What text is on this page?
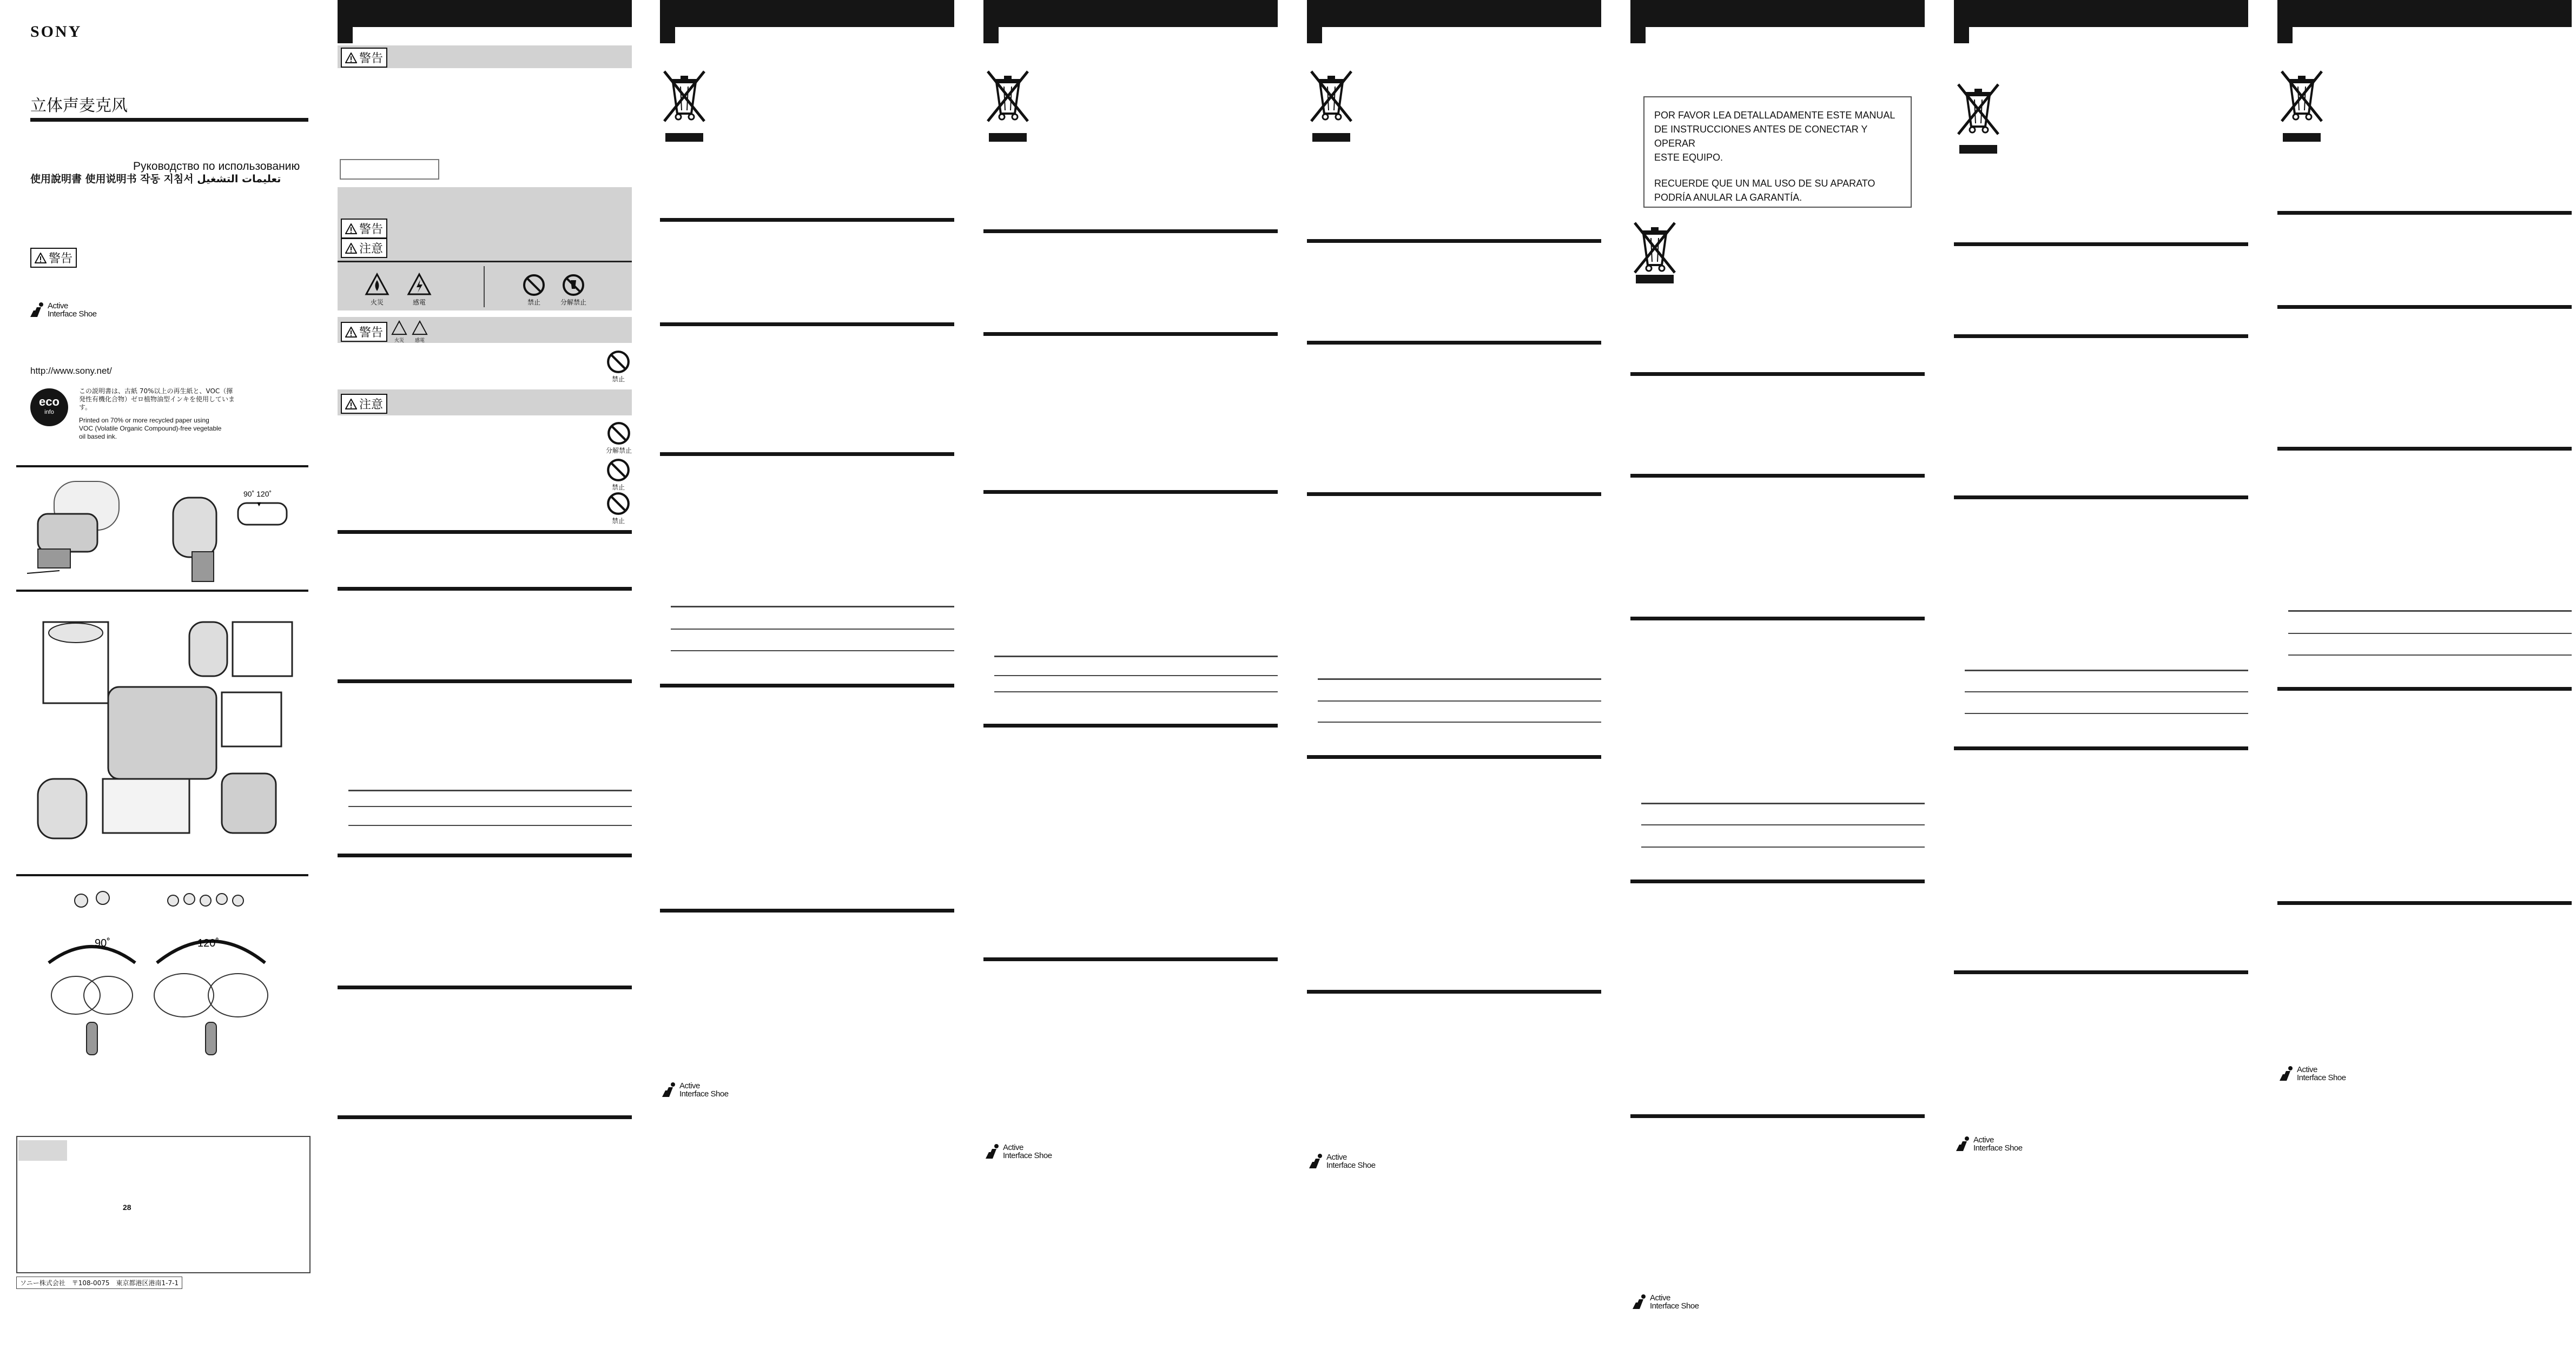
SONY
立体声麦克风
Руководство по использованию
使用說明書 使用说明书 작동 지침서 تعليمات التشغيل
警告
Active
Interface Shoe
http://www.sony.net/
eco
info
この説明書は、古紙 70%以上の再生紙と、VOC（揮発性有機化合物）ゼロ植物油型インキを使用しています。
Printed on 70% or more recycled paper using VOC (Volatile Organic Compound)-free vegetable oil based ink.
90˚ 120˚
▼
90˚	120˚
28
ソニー株式会社　〒108-0075　東京都港区港南1-7-1
警告
警告
注意
火災	感電	禁止	分解禁止
警告
火災 感電
禁止
注意
分解禁止
禁止
禁止
Active
Interface Shoe
Active
Interface Shoe	Active
Interface Shoe
POR FAVOR LEA DETALLADAMENTE ESTE MANUAL
DE INSTRUCCIONES ANTES DE CONECTAR Y OPERAR
ESTE EQUIPO.
RECUERDE QUE UN MAL USO DE SU APARATO
PODRÍA ANULAR LA GARANTÍA.
Active
Interface Shoe
Active
Interface Shoe
Active
Interface Shoe
